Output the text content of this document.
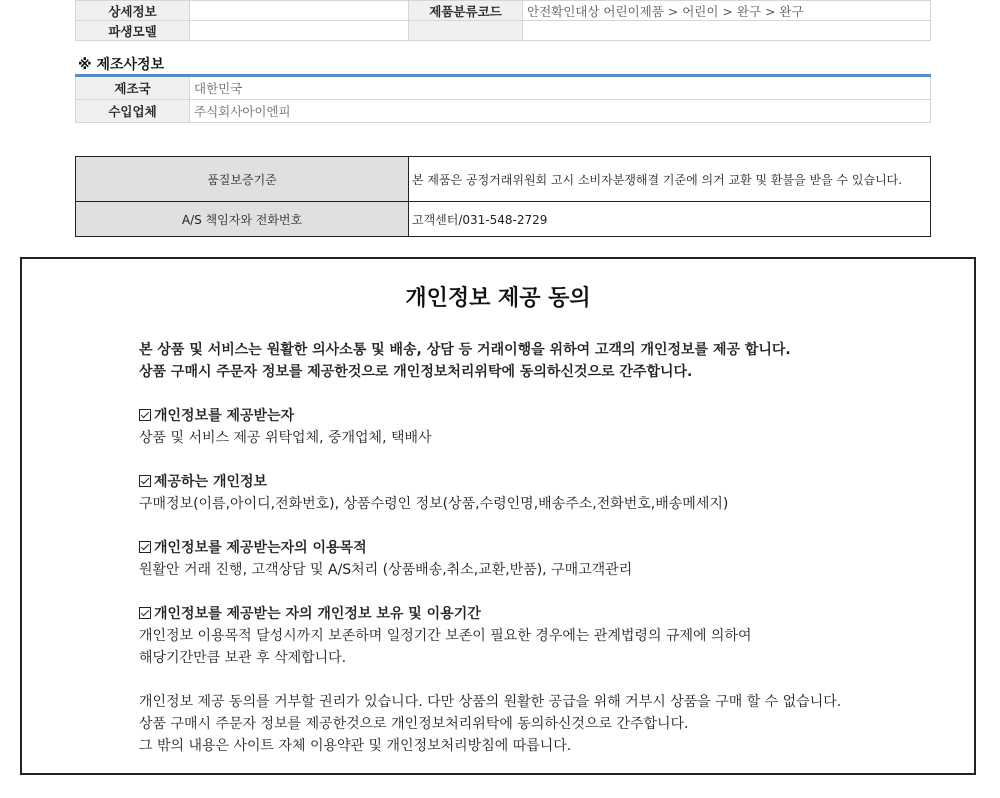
상세정보		제품분류코드	안전확인대상 어린이제품 > 어린이 > 완구 > 완구
파생모델			
※ 제조사정보
제조국	대한민국
수입업체	주식회사아이엔피
품질보증기준	본 제품은 공정거래위원회 고시 소비자분쟁해결 기준에 의거 교환 및 환불을 받을 수 있습니다.
A/S 책임자와 전화번호	고객센터/031-548-2729
개인정보 제공 동의
본 상품 및 서비스는 원활한 의사소통 및 배송, 상담 등 거래이행을 위하여 고객의 개인정보를 제공 합니다.
상품 구매시 주문자 정보를 제공한것으로 개인정보처리위탁에 동의하신것으로 간주합니다.
개인정보를 제공받는자
상품 및 서비스 제공 위탁업체, 중개업체, 택배사
제공하는 개인정보
구매정보(이름,아이디,전화번호), 상품수령인 정보(상품,수령인명,배송주소,전화번호,배송메세지)
개인정보를 제공받는자의 이용목적
원활안 거래 진행, 고객상담 및 A/S처리 (상품배송,취소,교환,반품), 구매고객관리
개인정보를 제공받는 자의 개인정보 보유 및 이용기간
개인정보 이용목적 달성시까지 보존하며 일정기간 보존이 필요한 경우에는 관계법령의 규제에 의하여
해당기간만큼 보관 후 삭제합니다.
개인정보 제공 동의를 거부할 권리가 있습니다. 다만 상품의 원활한 공급을 위해 거부시 상품을 구매 할 수 없습니다.
상품 구매시 주문자 정보를 제공한것으로 개인정보처리위탁에 동의하신것으로 간주합니다.
그 밖의 내용은 사이트 자체 이용약관 및 개인정보처리방침에 따릅니다.
